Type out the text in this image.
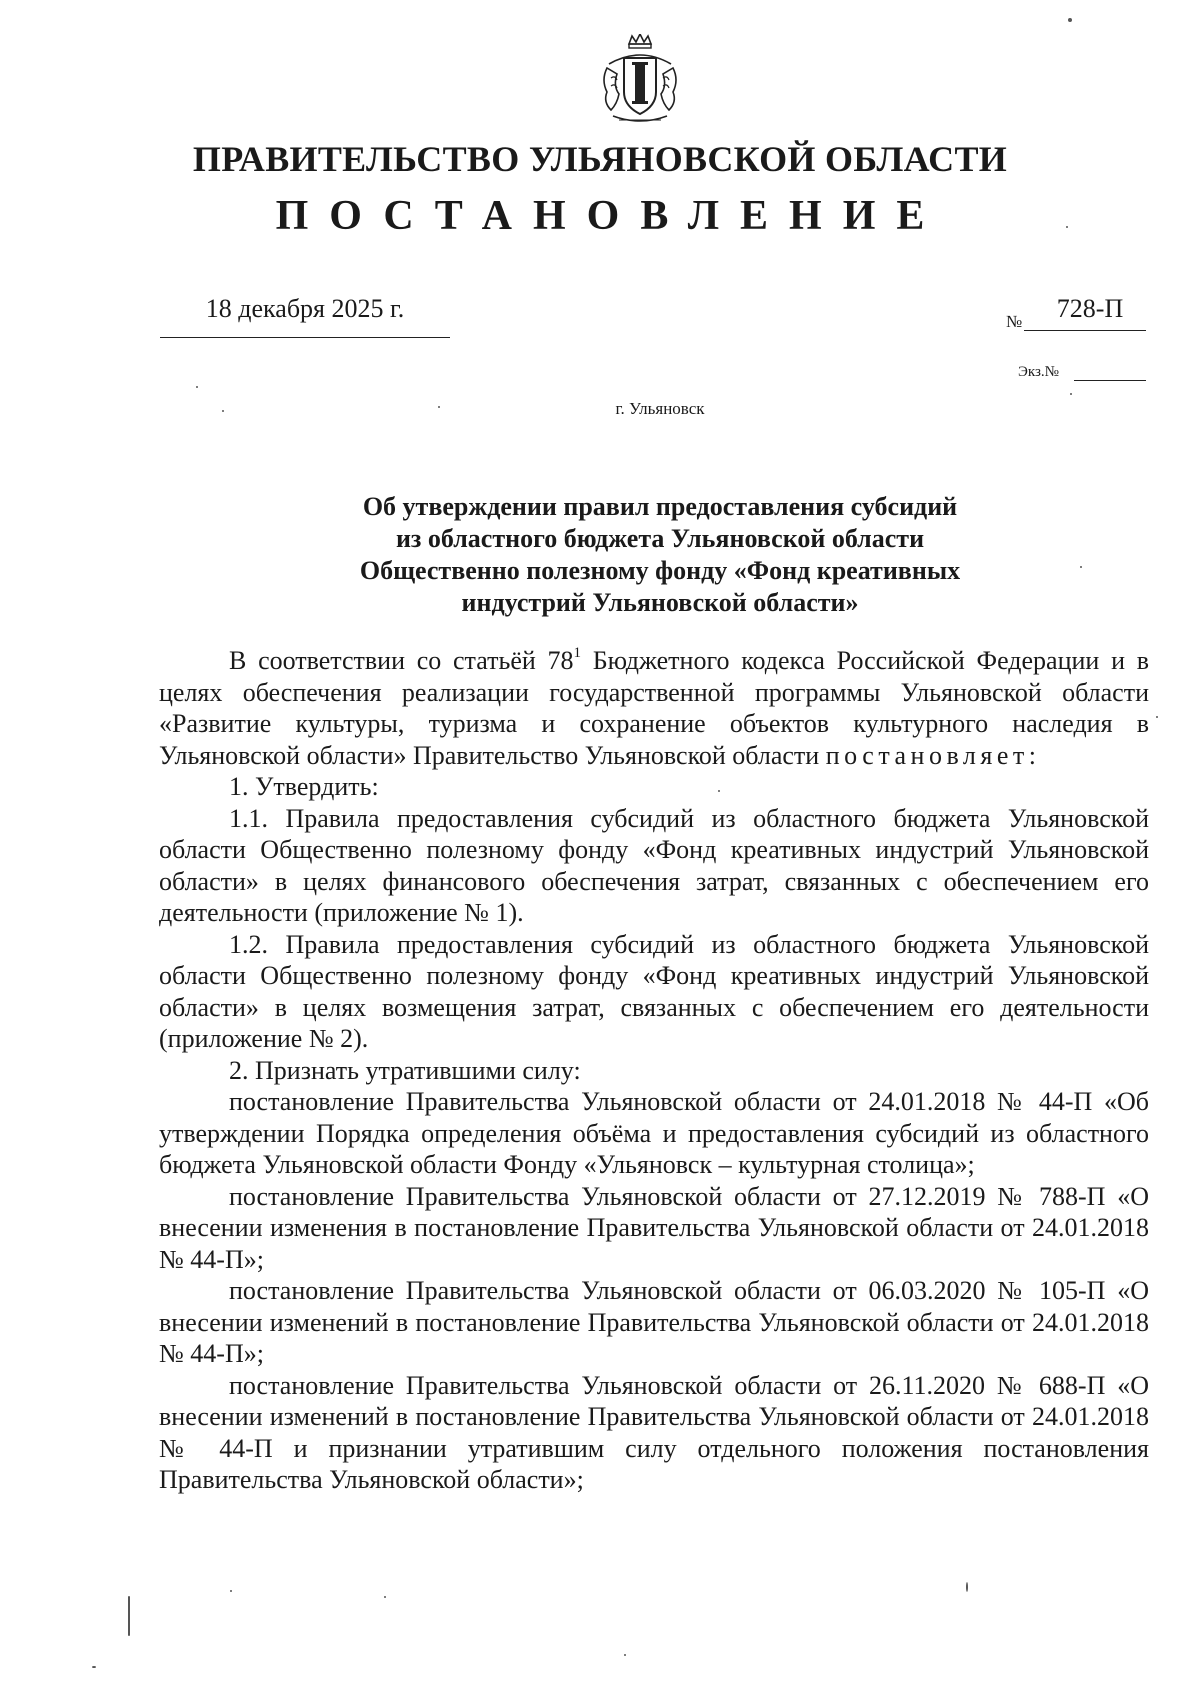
ПРАВИТЕЛЬСТВО УЛЬЯНОВСКОЙ ОБЛАСТИ
ПОСТАНОВЛЕНИЕ
18 декабря 2025 г.	№	728-П
Экз.№
г. Ульяновск
Об утверждении правил предоставления субсидий
из областного бюджета Ульяновской области
Общественно полезному фонду «Фонд креативных
индустрий Ульяновской области»

В соответствии со статьёй $78^1$ Бюджетного кодекса Российской Федерации и в целях обеспечения реализации государственной программы Ульяновской области «Развитие культуры, туризма и сохранение объектов культурного наследия в Ульяновской области» Правительство Ульяновской области постановляет:

1. Утвердить:

1.1. Правила предоставления субсидий из областного бюджета Ульяновской области Общественно полезному фонду «Фонд креативных индустрий Ульяновской области» в целях финансового обеспечения затрат, связанных с обеспечением его деятельности (приложение № 1).

1.2. Правила предоставления субсидий из областного бюджета Ульяновской области Общественно полезному фонду «Фонд креативных индустрий Ульяновской области» в целях возмещения затрат, связанных с обеспечением его деятельности (приложение № 2).

2. Признать утратившими силу:

постановление Правительства Ульяновской области от 24.01.2018 № 44-П «Об утверждении Порядка определения объёма и предоставления субсидий из областного бюджета Ульяновской области Фонду «Ульяновск – культурная столица»;

постановление Правительства Ульяновской области от 27.12.2019 № 788-П «О внесении изменения в постановление Правительства Ульяновской области от 24.01.2018 № 44-П»;

постановление Правительства Ульяновской области от 06.03.2020 № 105-П «О внесении изменений в постановление Правительства Ульяновской области от 24.01.2018 № 44-П»;

постановление Правительства Ульяновской области от 26.11.2020 № 688-П «О внесении изменений в постановление Правительства Ульяновской области от 24.01.2018 № 44-П и признании утратившим силу отдельного положения постановления Правительства Ульяновской области»;
